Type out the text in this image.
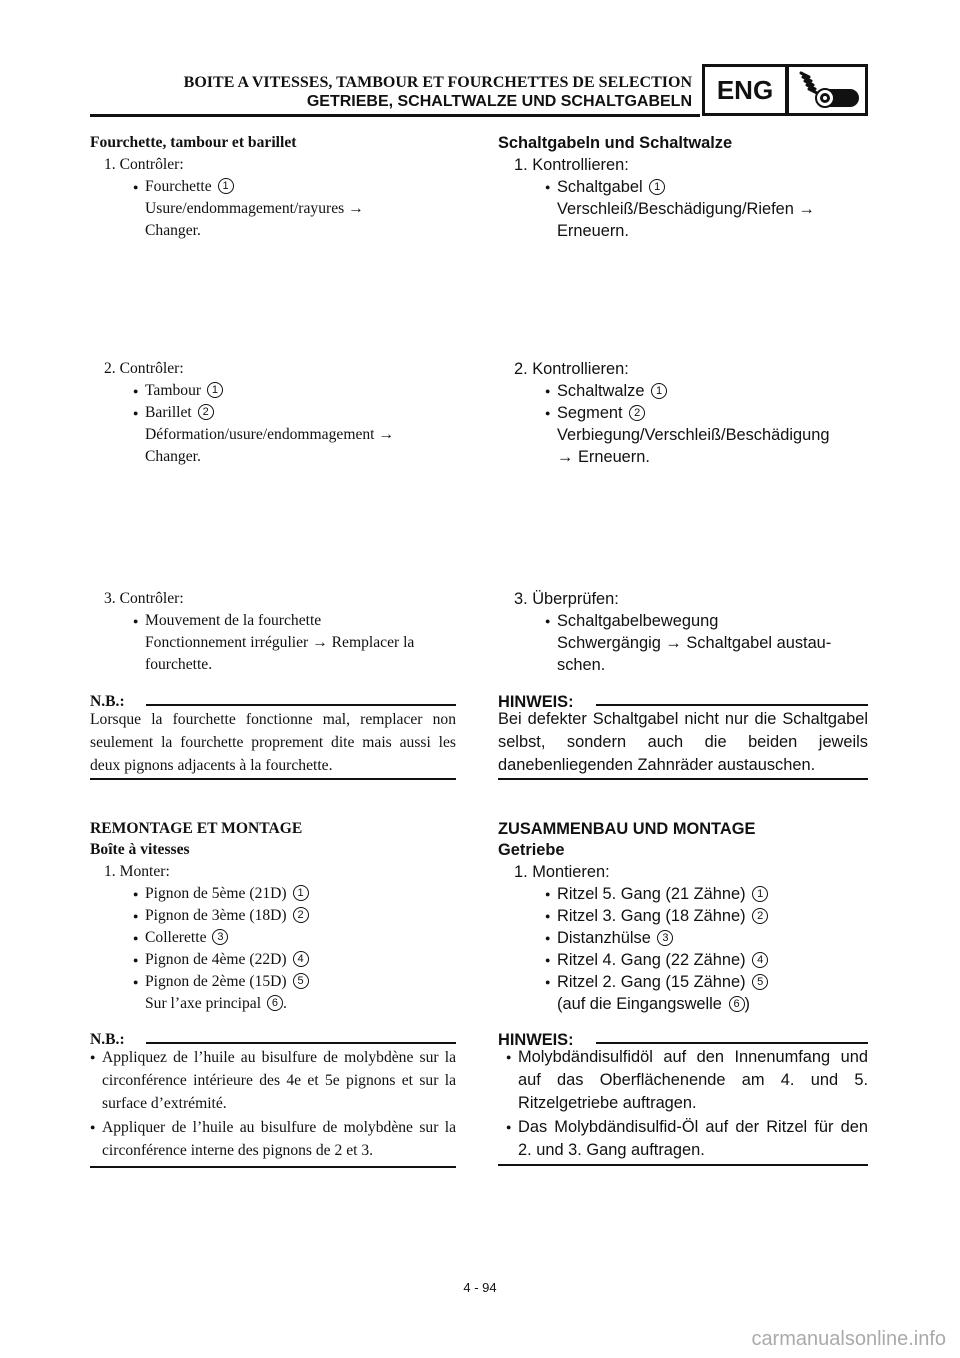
BOITE A VITESSES, TAMBOUR ET FOURCHETTES DE SELECTION
GETRIEBE, SCHALTWALZE UND SCHALTGABELN ENG
Fourchette, tambour et barillet
1. Contrôler:
● Fourchette 1
Usure/endommagement/rayures →
Changer.
2. Contrôler:
● Tambour 1
● Barillet 2
Déformation/usure/endommagement →
Changer.
3. Contrôler:
● Mouvement de la fourchette
Fonctionnement irrégulier → Remplacer la
fourchette.
N.B.:
Lorsque la fourchette fonctionne mal, remplacer non seulement la fourchette proprement dite mais aussi les deux pignons adjacents à la fourchette.
REMONTAGE ET MONTAGE
Boîte à vitesses
1. Monter:
● Pignon de 5ème (21D) 1
● Pignon de 3ème (18D) 2
● Collerette 3
● Pignon de 4ème (22D) 4
● Pignon de 2ème (15D) 5
Sur l’axe principal 6 .
N.B.:
● Appliquez de l’huile au bisulfure de molybdène sur la circonférence intérieure des 4e et 5e pignons et sur la surface d’extrémité.
● Appliquer de l’huile au bisulfure de molybdène sur la circonférence interne des pignons de 2 et 3.
Schaltgabeln und Schaltwalze
1. Kontrollieren:
● Schaltgabel 1
Verschleiß/Beschädigung/Riefen →
Erneuern.
2. Kontrollieren:
● Schaltwalze 1
● Segment 2
Verbiegung/Verschleiß/Beschädigung
→ Erneuern.
3. Überprüfen:
● Schaltgabelbewegung
Schwergängig → Schaltgabel austau-
schen.
HINWEIS:
Bei defekter Schaltgabel nicht nur die Schaltgabel selbst, sondern auch die beiden jeweils danebenliegenden Zahnräder austauschen.
ZUSAMMENBAU UND MONTAGE
Getriebe
1. Montieren:
● Ritzel 5. Gang (21 Zähne) 1
● Ritzel 3. Gang (18 Zähne) 2
● Distanzhülse 3
● Ritzel 4. Gang (22 Zähne) 4
● Ritzel 2. Gang (15 Zähne) 5
(auf die Eingangswelle 6 )
HINWEIS:
● Molybdändisulfidöl auf den Innenumfang und auf das Oberflächenende am 4. und 5. Ritzelgetriebe auftragen.
● Das Molybdändisulfid-Öl auf der Ritzel für den 2. und 3. Gang auftragen.
4 - 94
carmanualsonline.info
